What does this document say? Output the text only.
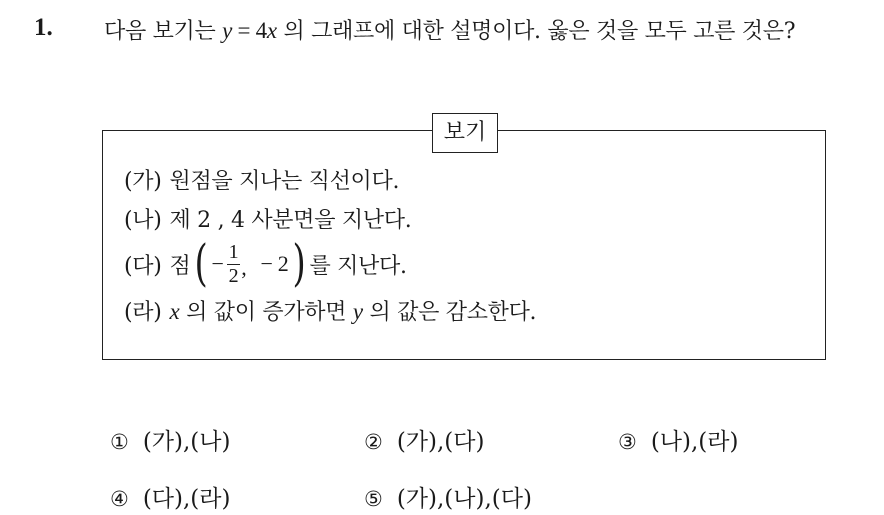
1. 다음 보기는 y = 4x 의 그래프에 대한 설명이다. 옳은 것을 모두 고른 것은?
보기
(가) 원점을 지나는 직선이다.
(나) 제 2 , 4 사분면을 지난다.
(다) 점 ( − $\frac{1}{2}$ , − 2 ) 를 지난다.
(라) x 의 값이 증가하면 y 의 값은 감소한다.
① (가),(나)	② (가),(다)	③ (나),(라)
④ (다),(라)	⑤ (가),(나),(다)
